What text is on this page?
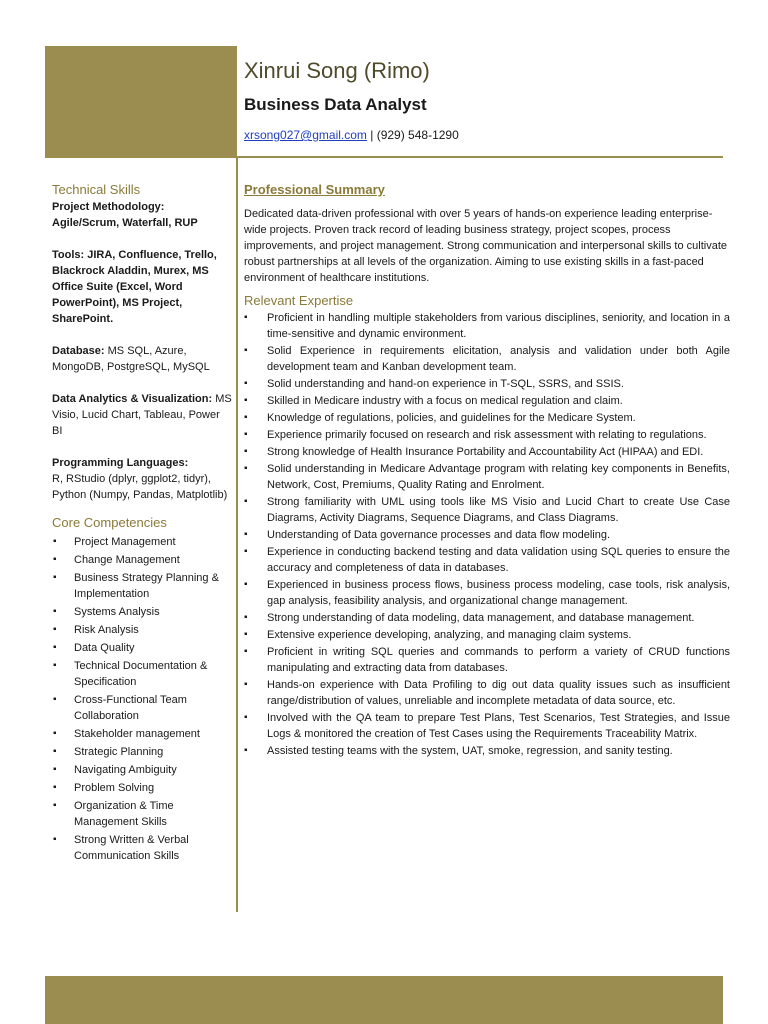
Xinrui Song (Rimo)
Business Data Analyst
xrsong027@gmail.com | (929) 548-1290
Technical Skills
Project Methodology:
Agile/Scrum, Waterfall, RUP
Tools: JIRA, Confluence, Trello, Blackrock Aladdin, Murex, MS Office Suite (Excel, Word PowerPoint), MS Project, SharePoint.
Database: MS SQL, Azure, MongoDB, PostgreSQL, MySQL
Data Analytics & Visualization: MS Visio, Lucid Chart, Tableau, Power BI
Programming Languages:
R, RStudio (dplyr, ggplot2, tidyr), Python (Numpy, Pandas, Matplotlib)
Core Competencies
▪ Project Management
▪ Change Management
▪ Business Strategy Planning & Implementation
▪ Systems Analysis
▪ Risk Analysis
▪ Data Quality
▪ Technical Documentation & Specification
▪ Cross-Functional Team Collaboration
▪ Stakeholder management
▪ Strategic Planning
▪ Navigating Ambiguity
▪ Problem Solving
▪ Organization & Time Management Skills
▪ Strong Written & Verbal Communication Skills
Professional Summary
Dedicated data-driven professional with over 5 years of hands-on experience leading enterprise-wide projects. Proven track record of leading business strategy, project scopes, process improvements, and project management. Strong communication and interpersonal skills to cultivate robust partnerships at all levels of the organization. Aiming to use existing skills in a fast-paced environment of healthcare institutions.
Relevant Expertise
▪ Proficient in handling multiple stakeholders from various disciplines, seniority, and location in a time-sensitive and dynamic environment.
▪ Solid Experience in requirements elicitation, analysis and validation under both Agile development team and Kanban development team.
▪ Solid understanding and hand-on experience in T-SQL, SSRS, and SSIS.
▪ Skilled in Medicare industry with a focus on medical regulation and claim.
▪ Knowledge of regulations, policies, and guidelines for the Medicare System.
▪ Experience primarily focused on research and risk assessment with relating to regulations.
▪ Strong knowledge of Health Insurance Portability and Accountability Act (HIPAA) and EDI.
▪ Solid understanding in Medicare Advantage program with relating key components in Benefits, Network, Cost, Premiums, Quality Rating and Enrolment.
▪ Strong familiarity with UML using tools like MS Visio and Lucid Chart to create Use Case Diagrams, Activity Diagrams, Sequence Diagrams, and Class Diagrams.
▪ Understanding of Data governance processes and data flow modeling.
▪ Experience in conducting backend testing and data validation using SQL queries to ensure the accuracy and completeness of data in databases.
▪ Experienced in business process flows, business process modeling, case tools, risk analysis, gap analysis, feasibility analysis, and organizational change management.
▪ Strong understanding of data modeling, data management, and database management.
▪ Extensive experience developing, analyzing, and managing claim systems.
▪ Proficient in writing SQL queries and commands to perform a variety of CRUD functions manipulating and extracting data from databases.
▪ Hands-on experience with Data Profiling to dig out data quality issues such as insufficient range/distribution of values, unreliable and incomplete metadata of data source, etc.
▪ Involved with the QA team to prepare Test Plans, Test Scenarios, Test Strategies, and Issue Logs & monitored the creation of Test Cases using the Requirements Traceability Matrix.
▪ Assisted testing teams with the system, UAT, smoke, regression, and sanity testing.
